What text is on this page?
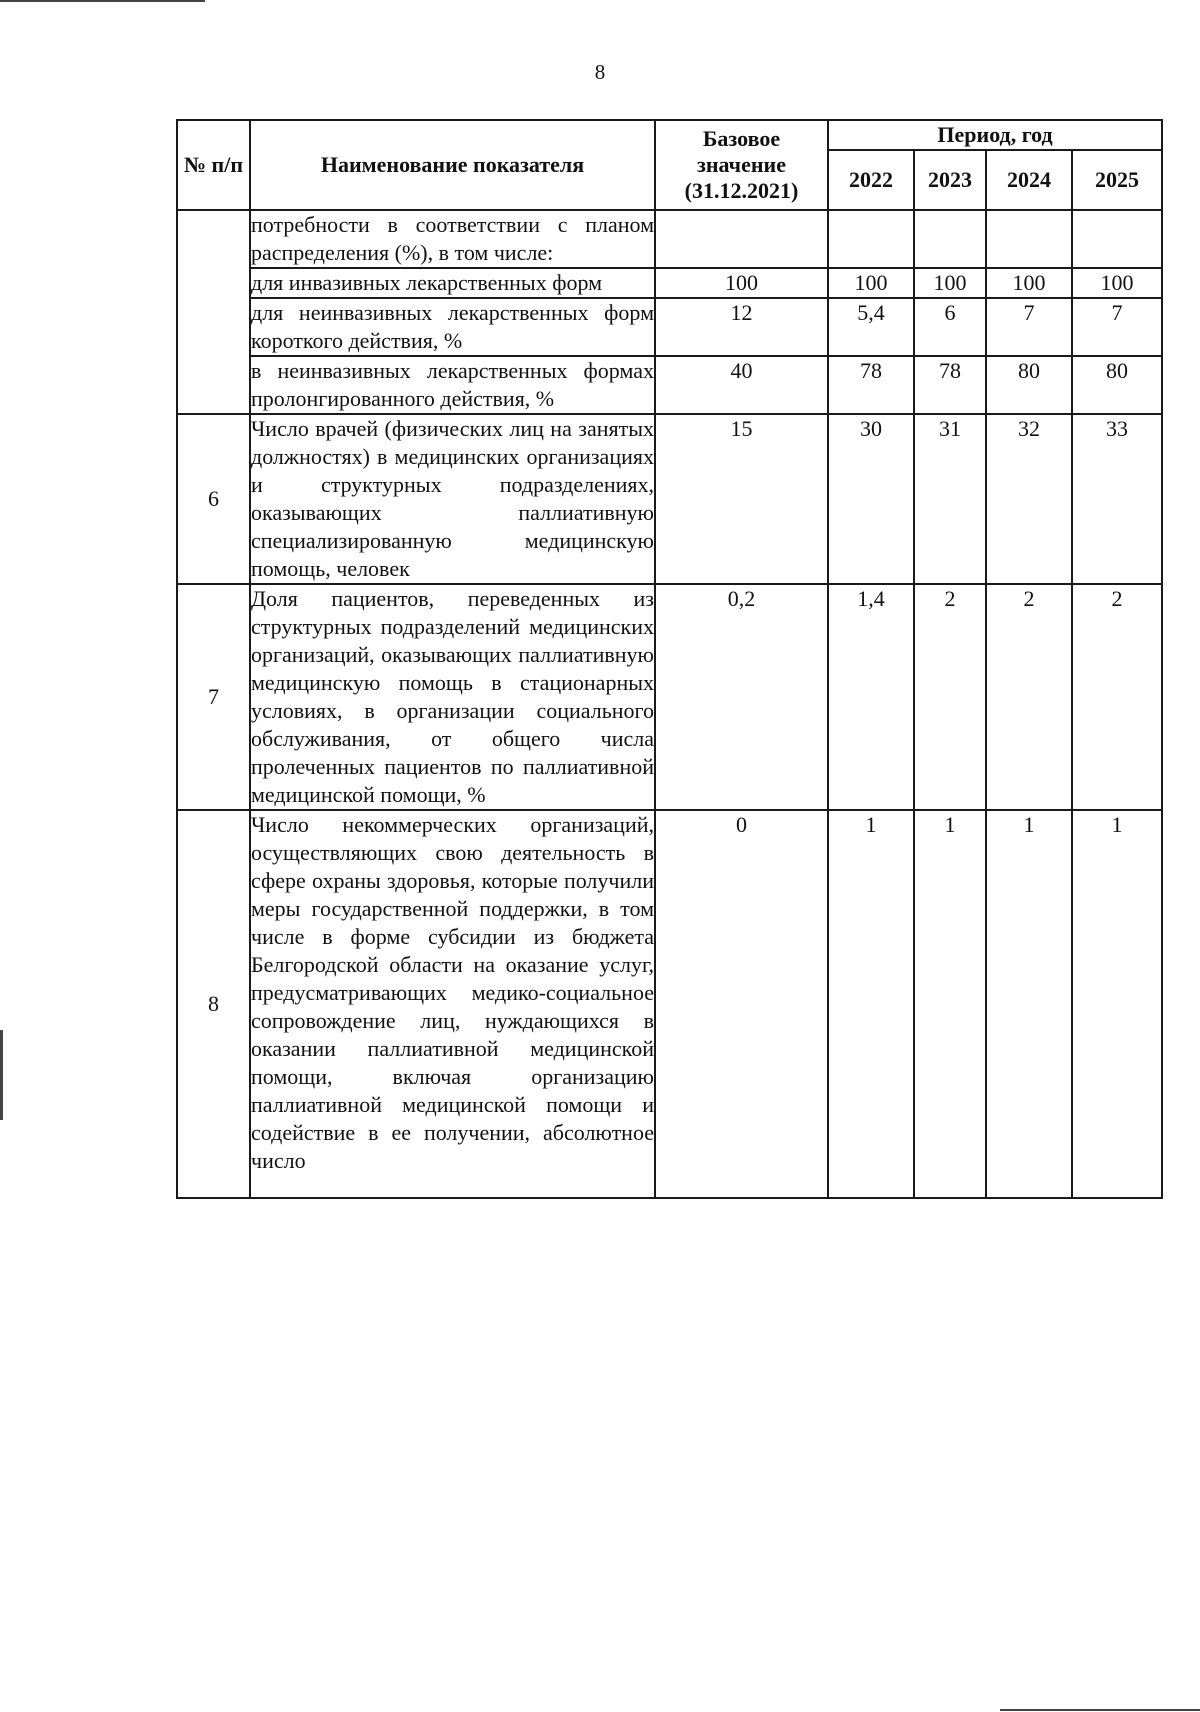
8
№ п/п	Наименование показателя	Базовое значение (31.12.2021)	Период, год			
			2022	2023	2024	2025
	потребности в соответствии с планом распределения (%), в том числе:					
	для инвазивных лекарственных форм	100	100	100	100	100
	для неинвазивных лекарственных форм короткого действия, %	12	5,4	6	7	7
	в неинвазивных лекарственных формах пролонгированного действия, %	40	78	78	80	80
6	Число врачей (физических лиц на занятых должностях) в медицинских организациях и структурных подразделениях, оказывающих паллиативную специализированную медицинскую помощь, человек	15	30	31	32	33
7	Доля пациентов, переведенных из структурных подразделений медицинских организаций, оказывающих паллиативную медицинскую помощь в стационарных условиях, в организации социального обслуживания, от общего числа пролеченных пациентов по паллиативной медицинской помощи, %	0,2	1,4	2	2	2
8	Число некоммерческих организаций, осуществляющих свою деятельность в сфере охраны здоровья, которые получили меры государственной поддержки, в том числе в форме субсидии из бюджета Белгородской области на оказание услуг, предусматривающих медико-социальное сопровождение лиц, нуждающихся в оказании паллиативной медицинской помощи, включая организацию паллиативной медицинской помощи и содействие в ее получении, абсолютное число	0	1	1	1	1
